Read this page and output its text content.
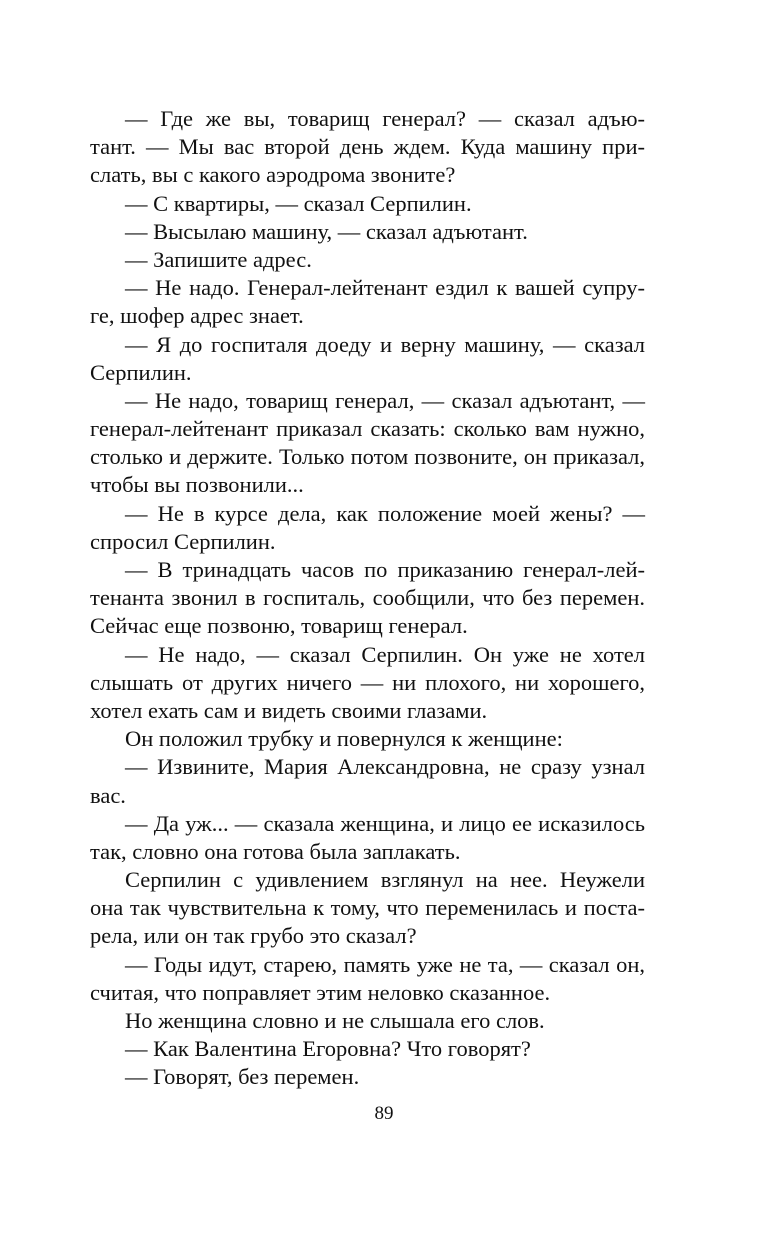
— Где же вы, товарищ генерал? — сказал адъю-
тант. — Мы вас второй день ждем. Куда машину при-
слать, вы с какого аэродрома звоните?
— С квартиры, — сказал Серпилин.
— Высылаю машину, — сказал адъютант.
— Запишите адрес.
— Не надо. Генерал-лейтенант ездил к вашей супру-
ге, шофер адрес знает.
— Я до госпиталя доеду и верну машину, — сказал
Серпилин.
— Не надо, товарищ генерал, — сказал адъютант, —
генерал-лейтенант приказал сказать: сколько вам нужно,
столько и держите. Только потом позвоните, он приказал,
чтобы вы позвонили...
— Не в курсе дела, как положение моей жены? —
спросил Серпилин.
— В тринадцать часов по приказанию генерал-лей-
тенанта звонил в госпиталь, сообщили, что без перемен.
Сейчас еще позвоню, товарищ генерал.
— Не надо, — сказал Серпилин. Он уже не хотел
слышать от других ничего — ни плохого, ни хорошего,
хотел ехать сам и видеть своими глазами.
Он положил трубку и повернулся к женщине:
— Извините, Мария Александровна, не сразу узнал
вас.
— Да уж... — сказала женщина, и лицо ее исказилось
так, словно она готова была заплакать.
Серпилин с удивлением взглянул на нее. Неужели
она так чувствительна к тому, что переменилась и поста-
рела, или он так грубо это сказал?
— Годы идут, старею, память уже не та, — сказал он,
считая, что поправляет этим неловко сказанное.
Но женщина словно и не слышала его слов.
— Как Валентина Егоровна? Что говорят?
— Говорят, без перемен.
89
